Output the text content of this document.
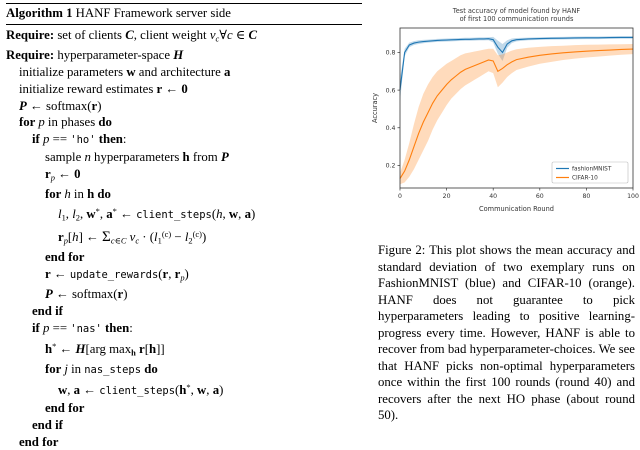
Algorithm 1 HANF Framework server side
Require: set of clients C, client weight vc∀c ∈ C
Require: hyperparameter-space H
initialize parameters w and architecture a
initialize reward estimates r ← 0
P ← softmax(r)
for p in phases do
if p == 'ho' then:
sample n hyperparameters h from P
rp ← 0
for h in h do
l1, l2, w*, a* ← client_steps(h, w, a)
rp[h] ← Σc∈C vc · $(l1^{(c)} - l2^{(c)})$
end for
r ← update_rewards(r, rp)
P ← softmax(r)
end if
if p == 'nas' then:
h* ← H[arg maxh r[h]]
for j in nas_steps do
w, a ← client_steps(h*, w, a)
end for
end if
end for
0	20	40	60	80	100
0.2
0.4
0.6
0.8
Test accuracy of model found by HANF
of first 100 communication rounds
Communication Round
Accuracy
fashionMNIST
CIFAR-10
Figure 2: This plot shows the mean accuracy and standard deviation of two exemplary runs on FashionMNIST (blue) and CIFAR-10 (orange). HANF does not guarantee to pick hyperparameters leading to positive learning-progress every time. However, HANF is able to recover from bad hyperparameter-choices. We see that HANF picks non-optimal hyperparameters once within the first 100 rounds (round 40) and recovers after the next HO phase (about round 50).
